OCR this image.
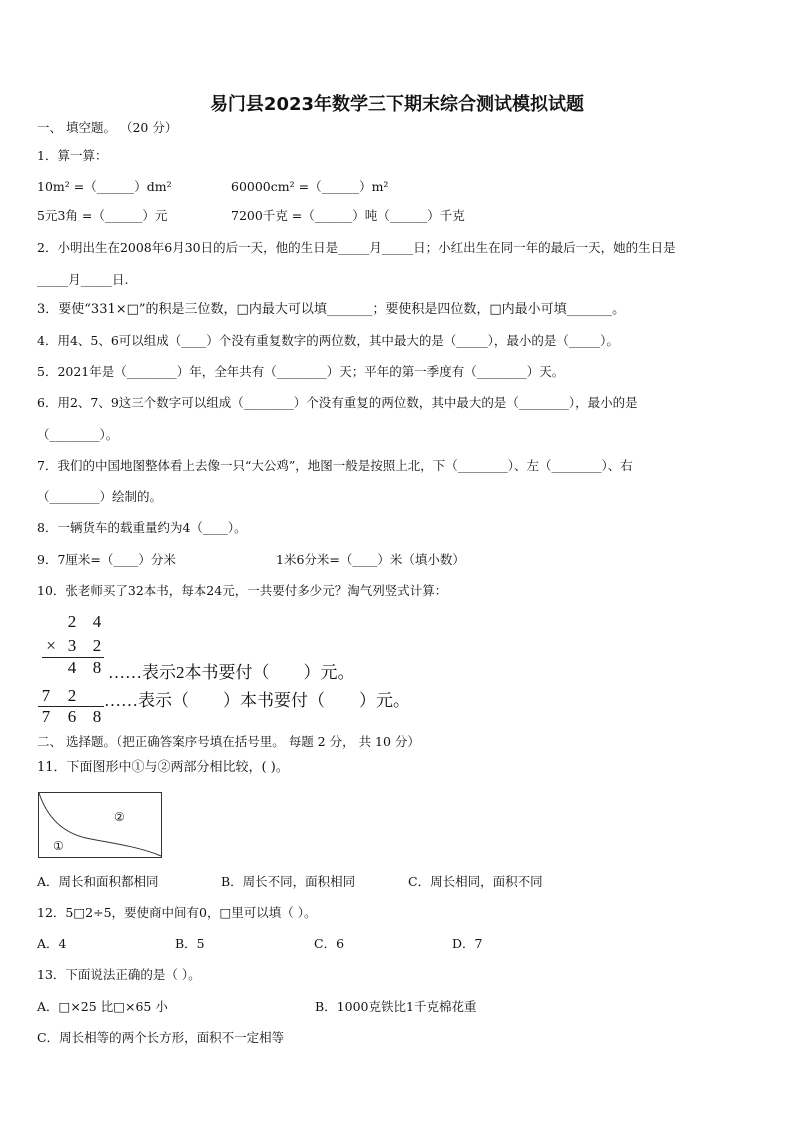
易门县2023年数学三下期末综合测试模拟试题
一、 填空题。 （20 分）
1．算一算：
10m² =（______）dm²	60000cm² =（______）m²
5元3角 =（______）元	7200千克 =（______）吨（______）千克
2．小明出生在2008年6月30日的后一天，他的生日是_____月_____日；小红出生在同一年的最后一天，她的生日是
_____月_____日.
3．要使“331×□”的积是三位数，□内最大可以填_______；要使积是四位数，□内最小可填_______。
4．用4、5、6可以组成（____）个没有重复数字的两位数，其中最大的是（_____），最小的是（_____）。
5．2021年是（________）年，全年共有（________）天；平年的第一季度有（________）天。
6．用2、7、9这三个数字可以组成（________）个没有重复的两位数，其中最大的是（________），最小的是
（________）。
7．我们的中国地图整体看上去像一只“大公鸡”，地图一般是按照上北，下（________）、左（________）、右
（________）绘制的。
8．一辆货车的载重量约为4（____）。
9．7厘米=（____）分米	1米6分米=（____）米（填小数）
10．张老师买了32本书，每本24元，一共要付多少元？淘气列竖式计算：
2 4
× 3 2
4 8 ……表示2本书要付（　　）元。
7 2 ……表示（　　）本书要付（　　）元。
7 6 8
二、 选择题。（把正确答案序号填在括号里。 每题 2 分， 共 10 分）
11．下面图形中①与②两部分相比较，( )。
②
①
A．周长和面积都相同	B．周长不同，面积相同	C．周长相同，面积不同
12．5□2÷5，要使商中间有0，□里可以填（ ）。
A．4	B．5	C．6	D．7
13．下面说法正确的是（ ）。
A．□×25 比□×65 小	B．1000克铁比1千克棉花重
C．周长相等的两个长方形，面积不一定相等
